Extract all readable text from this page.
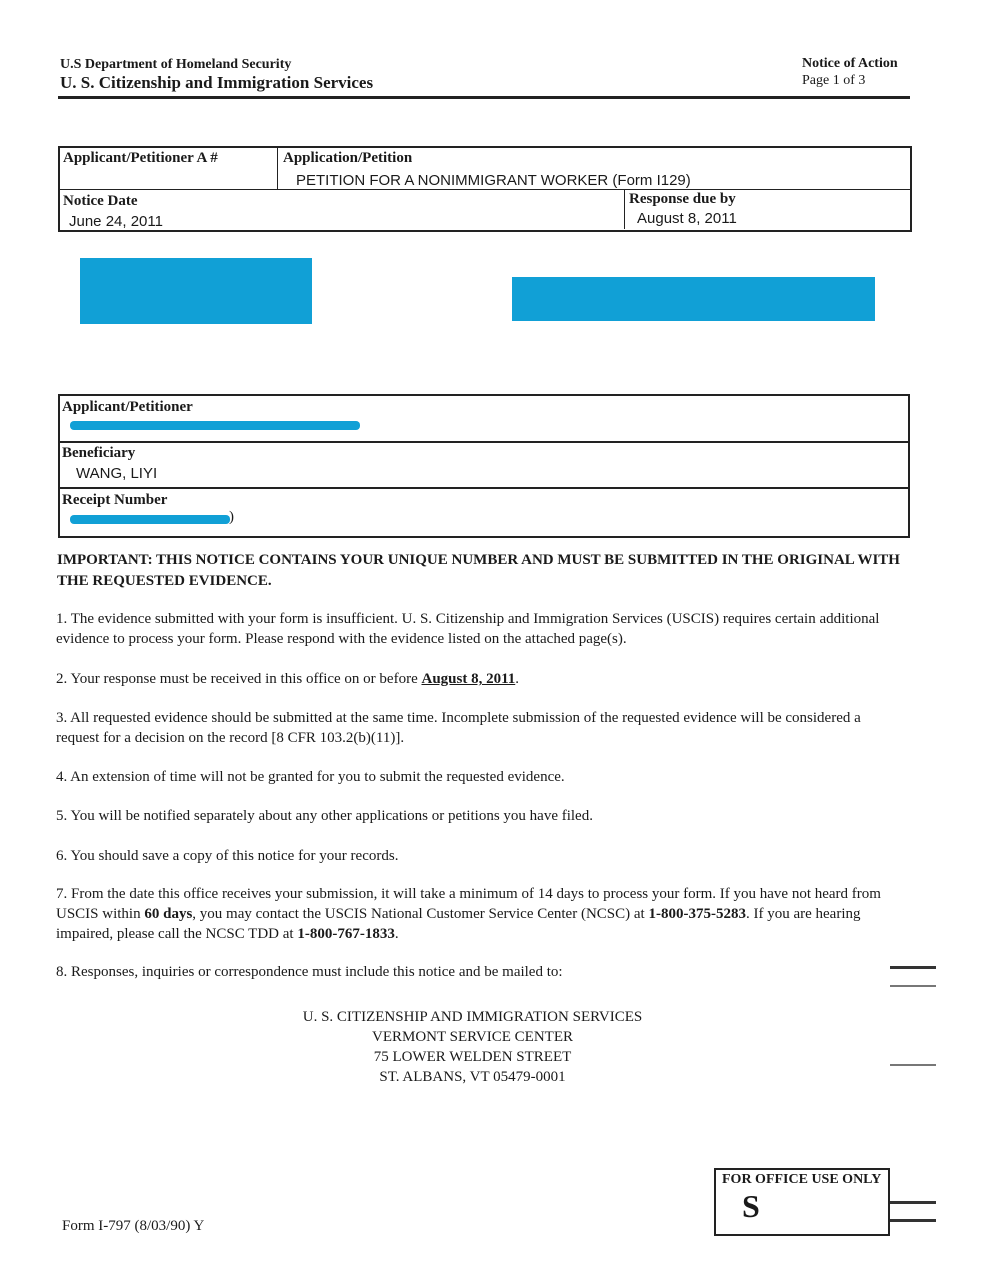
U.S Department of Homeland Security
U. S. Citizenship and Immigration Services
Notice of Action
Page 1 of 3
Applicant/Petitioner A #	Application/Petition
PETITION FOR A NONIMMIGRANT WORKER (Form I129)
Notice Date
June 24, 2011
Response due by
August 8, 2011
Applicant/Petitioner
Beneficiary
WANG, LIYI
Receipt Number
)
IMPORTANT: THIS NOTICE CONTAINS YOUR UNIQUE NUMBER AND MUST BE SUBMITTED IN THE ORIGINAL WITH THE REQUESTED EVIDENCE.
1. The evidence submitted with your form is insufficient. U. S. Citizenship and Immigration Services (USCIS) requires certain additional evidence to process your form. Please respond with the evidence listed on the attached page(s).
2. Your response must be received in this office on or before August 8, 2011.
3. All requested evidence should be submitted at the same time. Incomplete submission of the requested evidence will be considered a request for a decision on the record [8 CFR 103.2(b)(11)].
4. An extension of time will not be granted for you to submit the requested evidence.
5. You will be notified separately about any other applications or petitions you have filed.
6. You should save a copy of this notice for your records.
7. From the date this office receives your submission, it will take a minimum of 14 days to process your form. If you have not heard from USCIS within 60 days, you may contact the USCIS National Customer Service Center (NCSC) at 1-800-375-5283. If you are hearing impaired, please call the NCSC TDD at 1-800-767-1833.
8. Responses, inquiries or correspondence must include this notice and be mailed to:
U. S. CITIZENSHIP AND IMMIGRATION SERVICES
VERMONT SERVICE CENTER
75 LOWER WELDEN STREET
ST. ALBANS, VT 05479-0001
FOR OFFICE USE ONLY
S
Form I-797 (8/03/90) Y
